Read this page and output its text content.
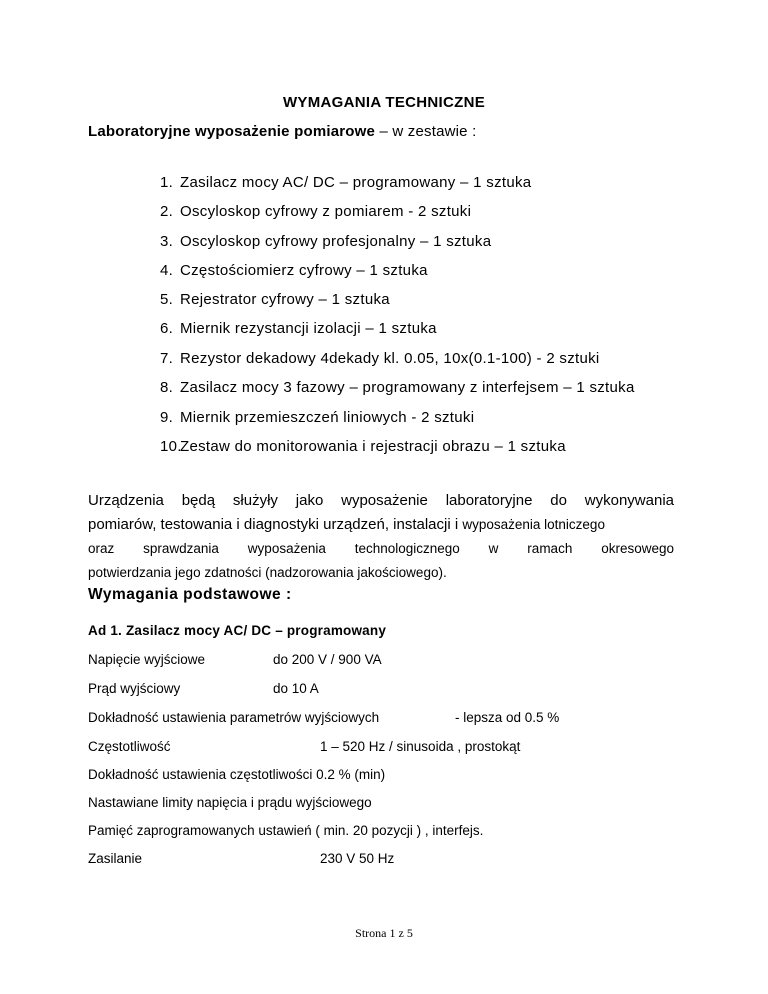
WYMAGANIA TECHNICZNE
Laboratoryjne wyposażenie pomiarowe – w zestawie :
1. Zasilacz mocy AC/ DC – programowany – 1 sztuka
2. Oscyloskop cyfrowy z pomiarem - 2 sztuki
3. Oscyloskop cyfrowy profesjonalny – 1 sztuka
4. Częstościomierz cyfrowy – 1 sztuka
5. Rejestrator cyfrowy – 1 sztuka
6. Miernik rezystancji izolacji – 1 sztuka
7. Rezystor dekadowy 4dekady kl. 0.05, 10x(0.1-100) - 2 sztuki
8. Zasilacz mocy 3 fazowy – programowany z interfejsem – 1 sztuka
9. Miernik przemieszczeń liniowych - 2 sztuki
10.Zestaw do monitorowania i rejestracji obrazu – 1 sztuka
Urządzenia będą służyły jako wyposażenie laboratoryjne do wykonywania
pomiarów, testowania i diagnostyki urządzeń, instalacji i wyposażenia lotniczego
oraz sprawdzania wyposażenia technologicznego w ramach okresowego
potwierdzania jego zdatności (nadzorowania jakościowego).
Wymagania podstawowe :
Ad 1. Zasilacz mocy AC/ DC – programowany
Napięcie wyjściowe	do 200 V / 900 VA
Prąd wyjściowy	do 10 A
Dokładność ustawienia parametrów wyjściowych	- lepsza od 0.5 %
Częstotliwość	1 – 520 Hz / sinusoida , prostokąt
Dokładność ustawienia częstotliwości 0.2 % (min)
Nastawiane limity napięcia i prądu wyjściowego
Pamięć zaprogramowanych ustawień ( min. 20 pozycji ) , interfejs.
Zasilanie	230 V 50 Hz
Strona 1 z 5
